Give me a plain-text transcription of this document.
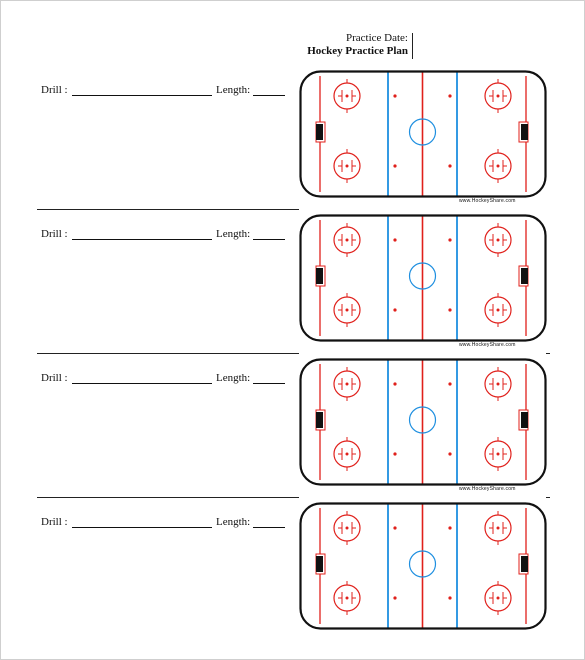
Practice Date:
Hockey Practice Plan
Drill :	Length:
www.HockeyShare.com
Drill :	Length:
www.HockeyShare.com
Drill :	Length:
www.HockeyShare.com
Drill :	Length:
